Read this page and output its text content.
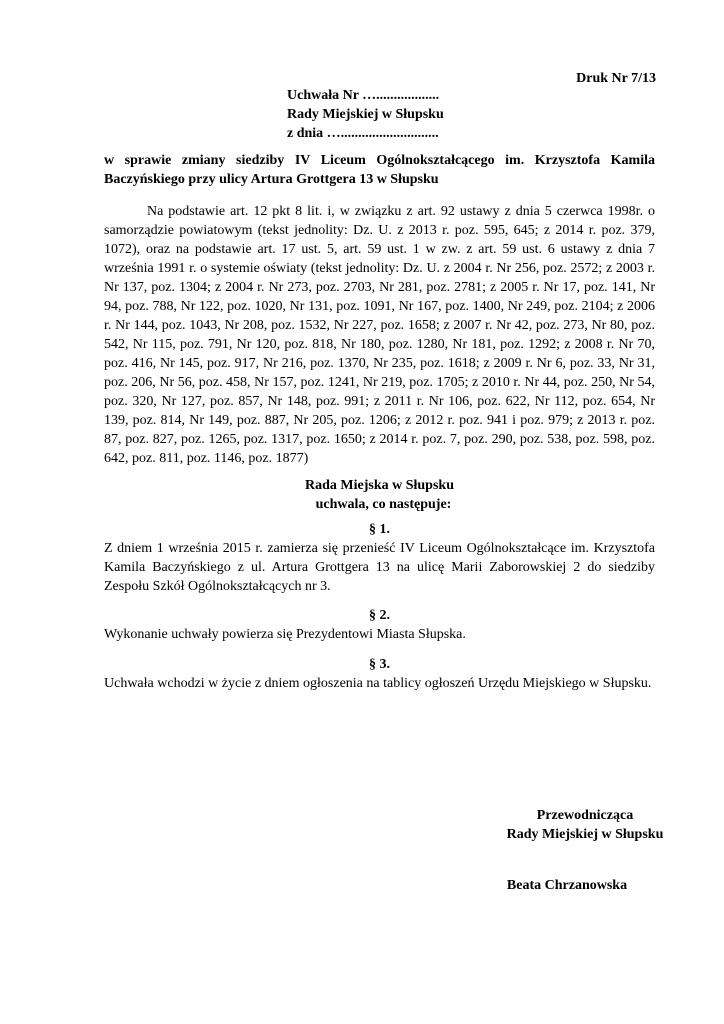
Druk Nr 7/13
Uchwała Nr …..................
Rady Miejskiej w Słupsku
z dnia …............................
w sprawie zmiany siedziby IV Liceum Ogólnokształcącego im. Krzysztofa Kamila Baczyńskiego przy ulicy Artura Grottgera 13 w Słupsku
Na podstawie art. 12 pkt 8 lit. i, w związku z art. 92 ustawy z dnia 5 czerwca 1998r. o samorządzie powiatowym (tekst jednolity: Dz. U. z 2013 r. poz. 595, 645; z 2014 r. poz. 379, 1072), oraz na podstawie art. 17 ust. 5, art. 59 ust. 1 w zw. z art. 59 ust. 6 ustawy z dnia 7 września 1991 r. o systemie oświaty (tekst jednolity: Dz. U. z 2004 r. Nr 256, poz. 2572; z 2003 r. Nr 137, poz. 1304; z 2004 r. Nr 273, poz. 2703, Nr 281, poz. 2781; z 2005 r. Nr 17, poz. 141, Nr 94, poz. 788, Nr 122, poz. 1020, Nr 131, poz. 1091, Nr 167, poz. 1400, Nr 249, poz. 2104; z 2006 r. Nr 144, poz. 1043, Nr 208, poz. 1532, Nr 227, poz. 1658; z 2007 r. Nr 42, poz. 273, Nr 80, poz. 542, Nr 115, poz. 791, Nr 120, poz. 818, Nr 180, poz. 1280, Nr 181, poz. 1292; z 2008 r. Nr 70, poz. 416, Nr 145, poz. 917, Nr 216, poz. 1370, Nr 235, poz. 1618; z 2009 r. Nr 6, poz. 33, Nr 31, poz. 206, Nr 56, poz. 458, Nr 157, poz. 1241, Nr 219, poz. 1705; z 2010 r. Nr 44, poz. 250, Nr 54, poz. 320, Nr 127, poz. 857, Nr 148, poz. 991; z 2011 r. Nr 106, poz. 622, Nr 112, poz. 654, Nr 139, poz. 814, Nr 149, poz. 887, Nr 205, poz. 1206; z 2012 r. poz. 941 i poz. 979; z 2013 r. poz. 87, poz. 827, poz. 1265, poz. 1317, poz. 1650; z 2014 r. poz. 7, poz. 290, poz. 538, poz. 598, poz. 642, poz. 811, poz. 1146, poz. 1877)
Rada Miejska w Słupsku
uchwala, co następuje:
§ 1.
Z dniem 1 września 2015 r. zamierza się przenieść IV Liceum Ogólnokształcące im. Krzysztofa Kamila Baczyńskiego z ul. Artura Grottgera 13 na ulicę Marii Zaborowskiej 2 do siedziby Zespołu Szkół Ogólnokształcących nr 3.
§ 2.
Wykonanie uchwały powierza się Prezydentowi Miasta Słupska.
§ 3.
Uchwała wchodzi w życie z dniem ogłoszenia na tablicy ogłoszeń Urzędu Miejskiego w Słupsku.
Przewodnicząca
Rady Miejskiej w Słupsku
Beata Chrzanowska
